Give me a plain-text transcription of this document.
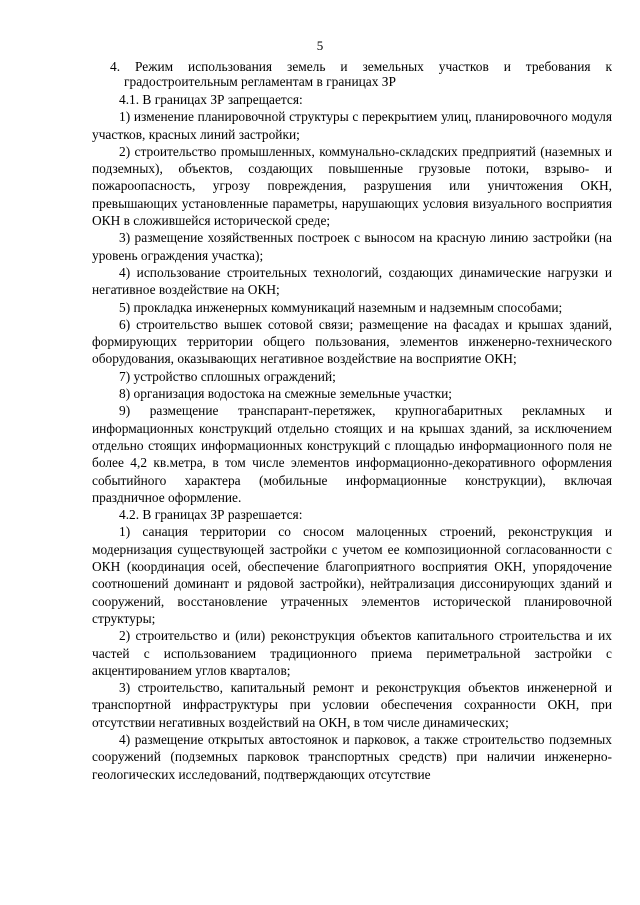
5
4. Режим использования земель и земельных участков и требования к градостроительным регламентам в границах ЗР

4.1. В границах ЗР запрещается:

1) изменение планировочной структуры с перекрытием улиц, планировочного модуля участков, красных линий застройки;

2) строительство промышленных, коммунально-складских предприятий (наземных и подземных), объектов, создающих повышенные грузовые потоки, взрыво- и пожароопасность, угрозу повреждения, разрушения или уничтожения ОКН, превышающих установленные параметры, нарушающих условия визуального восприятия ОКН в сложившейся исторической среде;

3) размещение хозяйственных построек с выносом на красную линию застройки (на уровень ограждения участка);

4) использование строительных технологий, создающих динамические нагрузки и негативное воздействие на ОКН;

5) прокладка инженерных коммуникаций наземным и надземным способами;

6) строительство вышек сотовой связи; размещение на фасадах и крышах зданий, формирующих территории общего пользования, элементов инженерно-технического оборудования, оказывающих негативное воздействие на восприятие ОКН;

7) устройство сплошных ограждений;

8) организация водостока на смежные земельные участки;

9) размещение транспарант-перетяжек, крупногабаритных рекламных и информационных конструкций отдельно стоящих и на крышах зданий, за исключением отдельно стоящих информационных конструкций с площадью информационного поля не более 4,2 кв.метра, в том числе элементов информационно-декоративного оформления событийного характера (мобильные информационные конструкции), включая праздничное оформление.

4.2. В границах ЗР разрешается:

1) санация территории со сносом малоценных строений, реконструкция и модернизация существующей застройки с учетом ее композиционной согласованности с ОКН (координация осей, обеспечение благоприятного восприятия ОКН, упорядочение соотношений доминант и рядовой застройки), нейтрализация диссонирующих зданий и сооружений, восстановление утраченных элементов исторической планировочной структуры;

2) строительство и (или) реконструкция объектов капитального строительства и их частей с использованием традиционного приема периметральной застройки с акцентированием углов кварталов;

3) строительство, капитальный ремонт и реконструкция объектов инженерной и транспортной инфраструктуры при условии обеспечения сохранности ОКН, при отсутствии негативных воздействий на ОКН, в том числе динамических;

4) размещение открытых автостоянок и парковок, а также строительство подземных сооружений (подземных парковок транспортных средств) при наличии инженерно-геологических исследований, подтверждающих отсутствие
